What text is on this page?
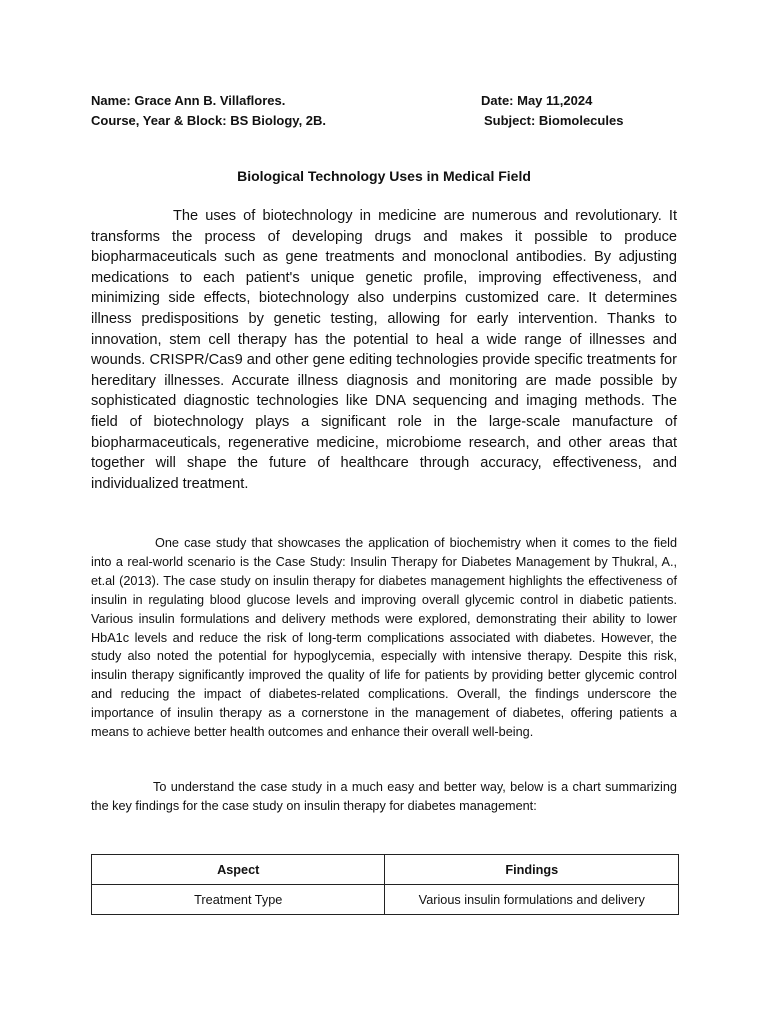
Name: Grace Ann B. Villaflores.	Date: May 11,2024
Course, Year & Block: BS Biology, 2B.	Subject: Biomolecules
Biological Technology Uses in Medical Field

The uses of biotechnology in medicine are numerous and revolutionary. It transforms the process of developing drugs and makes it possible to produce biopharmaceuticals such as gene treatments and monoclonal antibodies. By adjusting medications to each patient's unique genetic profile, improving effectiveness, and minimizing side effects, biotechnology also underpins customized care. It determines illness predispositions by genetic testing, allowing for early intervention. Thanks to innovation, stem cell therapy has the potential to heal a wide range of illnesses and wounds. CRISPR/Cas9 and other gene editing technologies provide specific treatments for hereditary illnesses. Accurate illness diagnosis and monitoring are made possible by sophisticated diagnostic technologies like DNA sequencing and imaging methods. The field of biotechnology plays a significant role in the large-scale manufacture of biopharmaceuticals, regenerative medicine, microbiome research, and other areas that together will shape the future of healthcare through accuracy, effectiveness, and individualized treatment.

One case study that showcases the application of biochemistry when it comes to the field into a real-world scenario is the Case Study: Insulin Therapy for Diabetes Management by Thukral, A., et.al (2013). The case study on insulin therapy for diabetes management highlights the effectiveness of insulin in regulating blood glucose levels and improving overall glycemic control in diabetic patients. Various insulin formulations and delivery methods were explored, demonstrating their ability to lower HbA1c levels and reduce the risk of long-term complications associated with diabetes. However, the study also noted the potential for hypoglycemia, especially with intensive therapy. Despite this risk, insulin therapy significantly improved the quality of life for patients by providing better glycemic control and reducing the impact of diabetes-related complications. Overall, the findings underscore the importance of insulin therapy as a cornerstone in the management of diabetes, offering patients a means to achieve better health outcomes and enhance their overall well-being.

To understand the case study in a much easy and better way, below is a chart summarizing the key findings for the case study on insulin therapy for diabetes management:

Aspect	Findings
Treatment Type	Various insulin formulations and delivery
